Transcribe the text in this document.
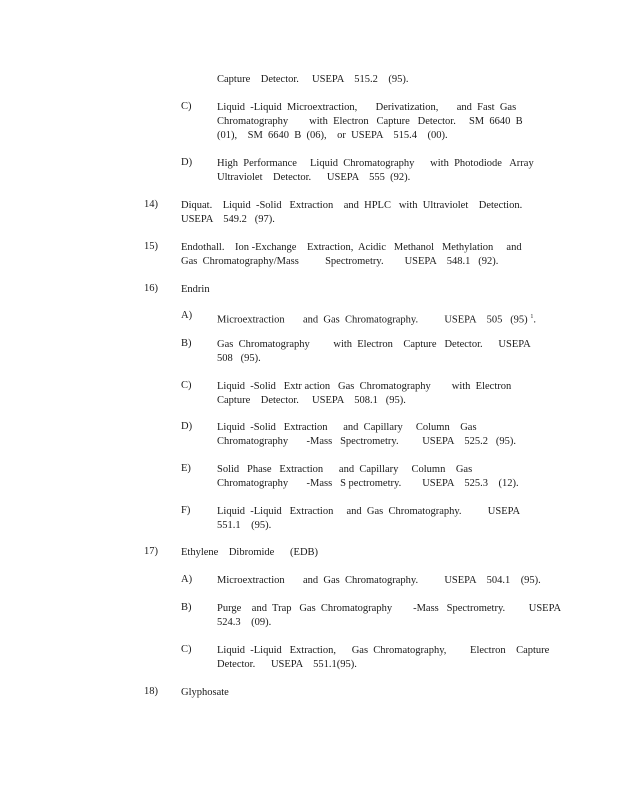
Capture    Detector.     USEPA    515.2    (95).
C) Liquid  -Liquid  Microextraction,       Derivatization,       and  Fast  Gas
Chromatography        with  Electron   Capture   Detector.     SM  6640  B
(01),    SM  6640  B  (06),    or  USEPA    515.4    (00).
D) High  Performance     Liquid  Chromatography      with  Photodiode   Array
Ultraviolet    Detector.      USEPA    555  (92).
14) Diquat.    Liquid  -Solid   Extraction    and  HPLC   with  Ultraviolet    Detection.
USEPA    549.2   (97).
15) Endothall.    Ion -Exchange    Extraction,  Acidic   Methanol   Methylation     and
Gas  Chromatography/Mass          Spectrometry.        USEPA    548.1   (92).
16) Endrin
A) Microextraction       and  Gas  Chromatography.          USEPA    505   (95) $^1$.
B) Gas  Chromatography         with  Electron    Capture   Detector.      USEPA
508   (95).
C) Liquid  -Solid   Extr action   Gas  Chromatography        with  Electron
Capture    Detector.     USEPA    508.1   (95).
D) Liquid  -Solid   Extraction      and  Capillary     Column    Gas
Chromatography       -Mass   Spectrometry.         USEPA    525.2   (95).
E) Solid   Phase   Extraction      and  Capillary     Column    Gas
Chromatography       -Mass   S pectrometry.        USEPA    525.3    (12).
F)	Liquid  -Liquid   Extraction     and  Gas  Chromatography.          USEPA
551.1    (95).
17) Ethylene    Dibromide      (EDB)
A) Microextraction       and  Gas  Chromatography.          USEPA    504.1    (95).
B) Purge    and  Trap   Gas  Chromatography        -Mass   Spectrometry.         USEPA
524.3    (09).
C) Liquid  -Liquid   Extraction,      Gas  Chromatography,         Electron    Capture
Detector.      USEPA    551.1(95).
18) Glyphosate
